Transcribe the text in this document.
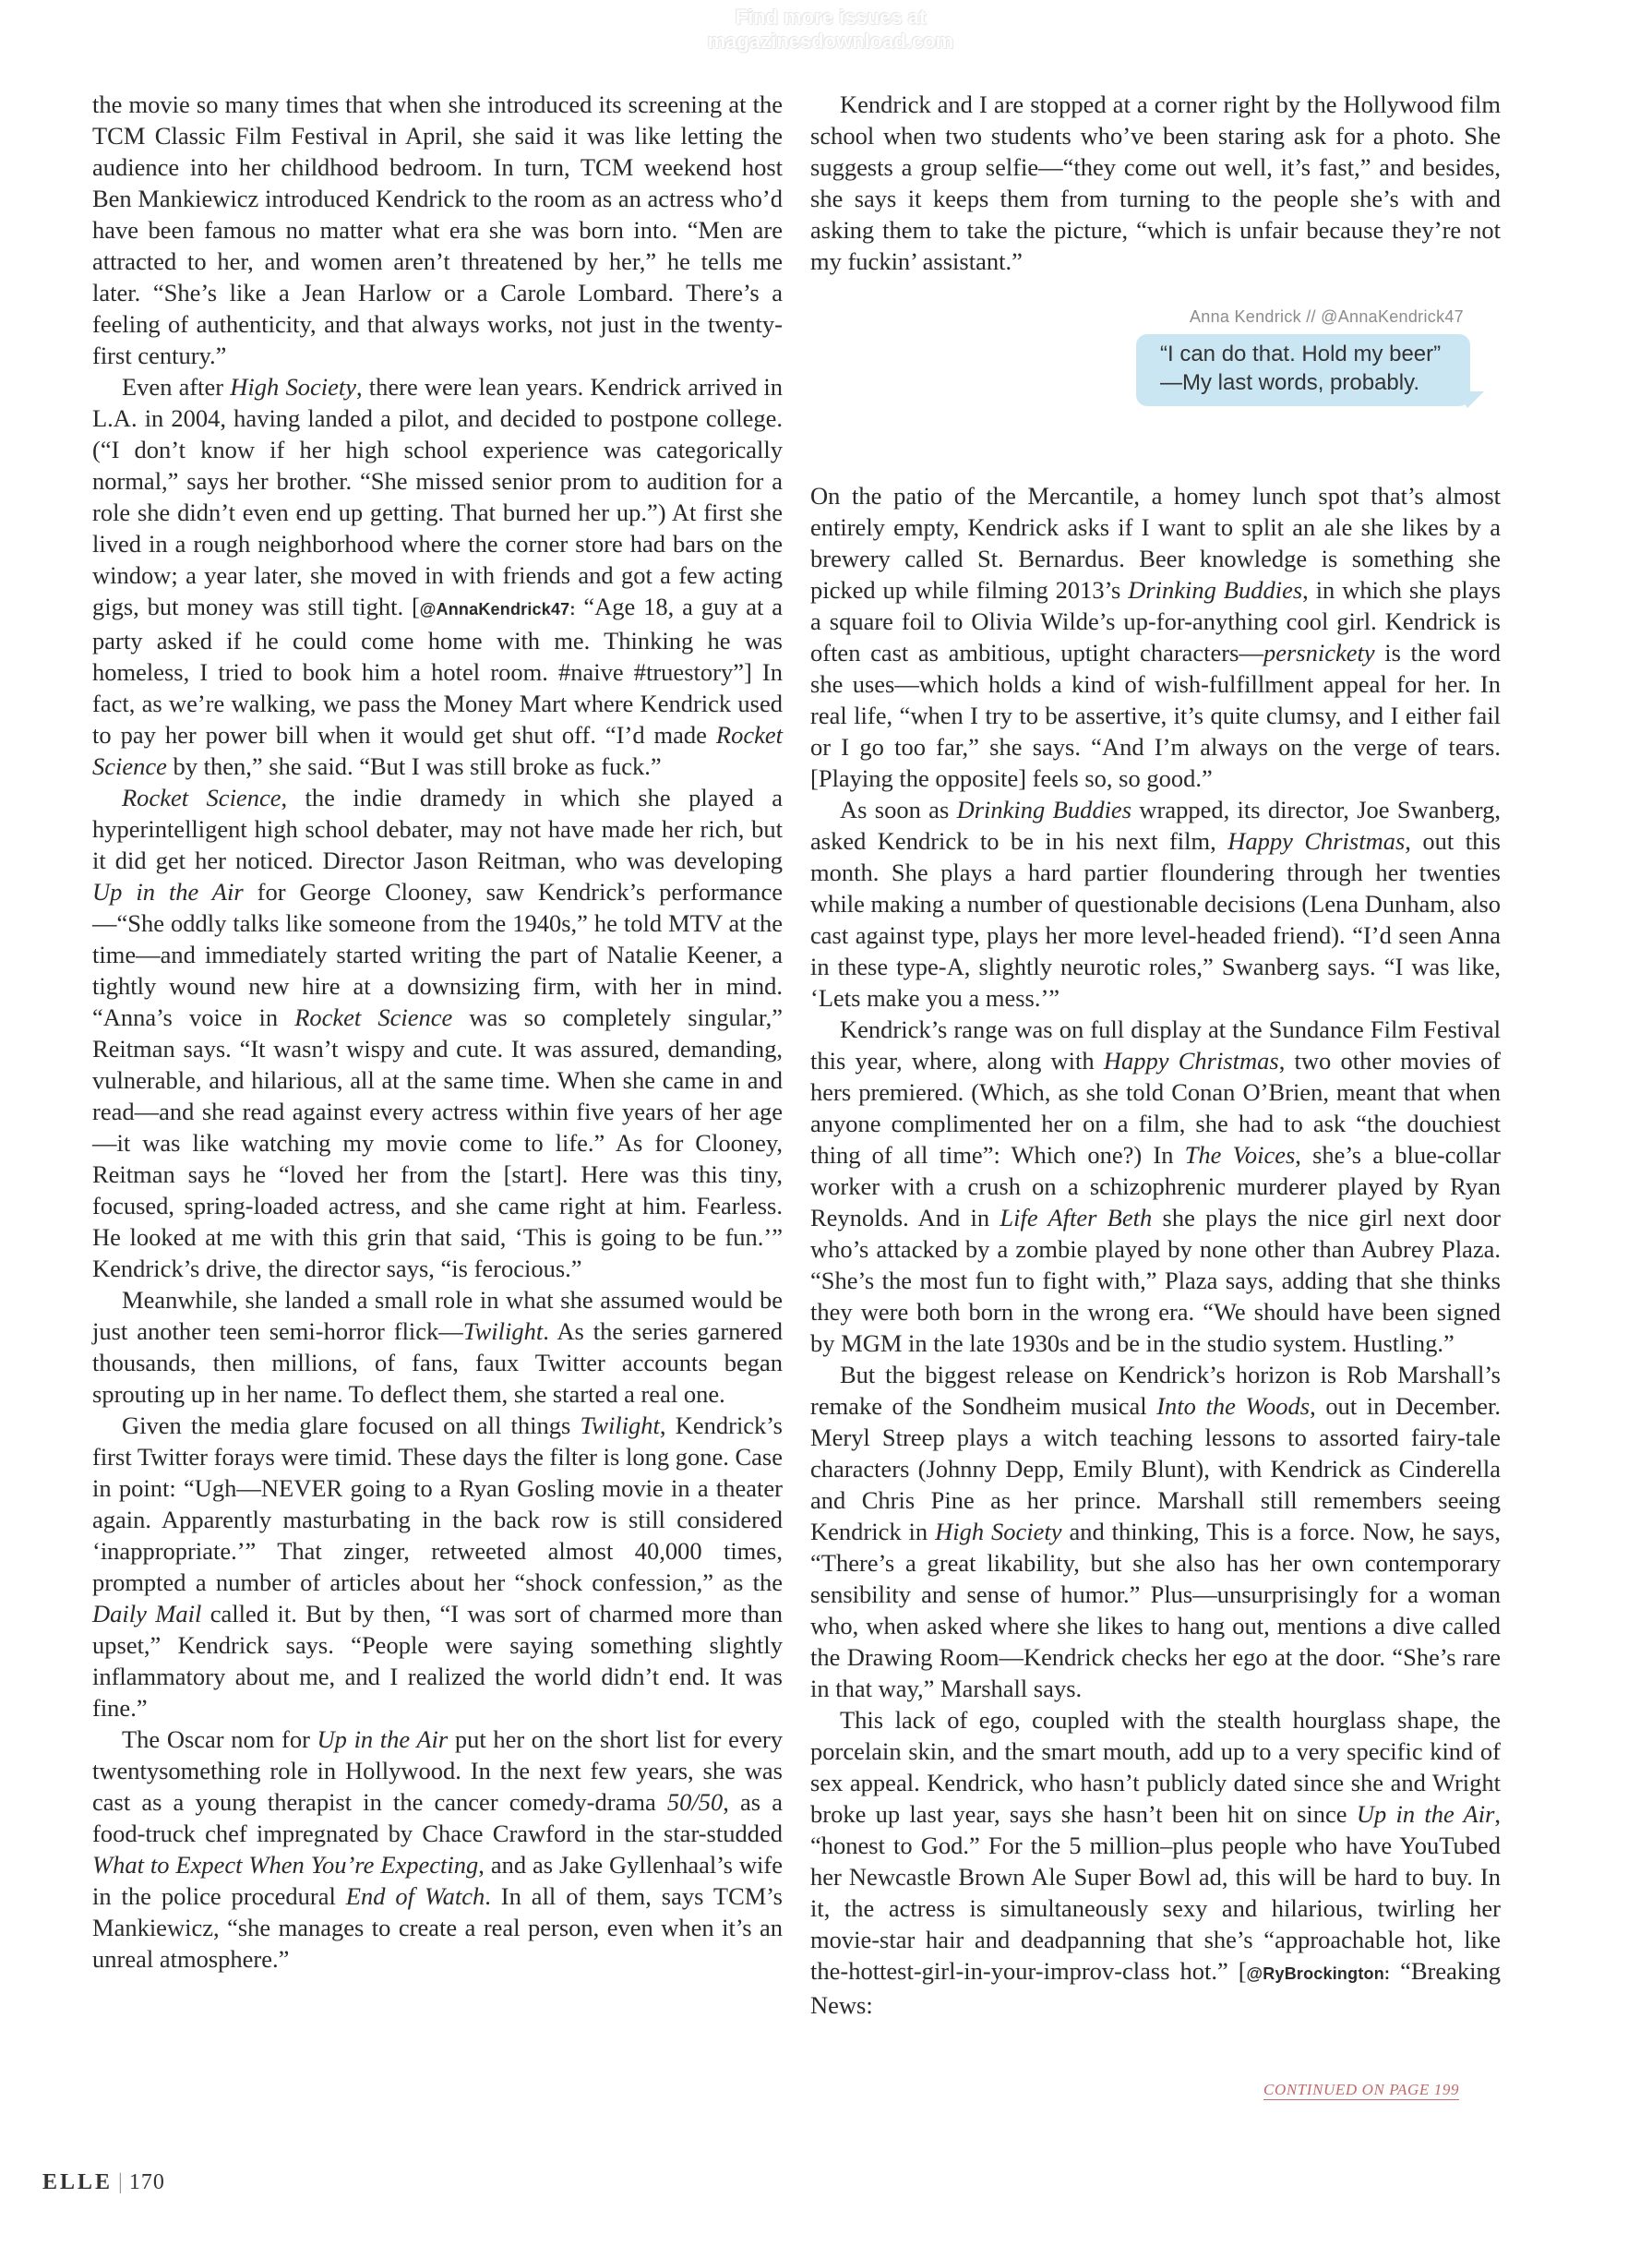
Find more issues at
magazinesdownload.com

the movie so many times that when she introduced its screening at the TCM Classic Film Festival in April, she said it was like letting the audience into her childhood bedroom. In turn, TCM weekend host Ben Mankiewicz introduced Kendrick to the room as an actress who’d have been famous no matter what era she was born into. “Men are attracted to her, and women aren’t threatened by her,” he tells me later. “She’s like a Jean Harlow or a Carole Lombard. There’s a feeling of authenticity, and that always works, not just in the twenty-first century.”

Even after High Society, there were lean years. Kendrick arrived in L.A. in 2004, having landed a pilot, and decided to postpone college. (“I don’t know if her high school experience was categorically normal,” says her brother. “She missed senior prom to audition for a role she didn’t even end up getting. That burned her up.”) At first she lived in a rough neighborhood where the corner store had bars on the window; a year later, she moved in with friends and got a few acting gigs, but money was still tight. [@AnnaKendrick47: “Age 18, a guy at a party asked if he could come home with me. Thinking he was homeless, I tried to book him a hotel room. #naive #truestory”] In fact, as we’re walking, we pass the Money Mart where Kendrick used to pay her power bill when it would get shut off. “I’d made Rocket Science by then,” she said. “But I was still broke as fuck.”

Rocket Science, the indie dramedy in which she played a hyperintelligent high school debater, may not have made her rich, but it did get her noticed. Director Jason Reitman, who was developing Up in the Air for George Clooney, saw Kendrick’s performance—“She oddly talks like someone from the 1940s,” he told MTV at the time—and immediately started writing the part of Natalie Keener, a tightly wound new hire at a downsizing firm, with her in mind. “Anna’s voice in Rocket Science was so completely singular,” Reitman says. “It wasn’t wispy and cute. It was assured, demanding, vulnerable, and hilarious, all at the same time. When she came in and read—and she read against every actress within five years of her age—it was like watching my movie come to life.” As for Clooney, Reitman says he “loved her from the [start]. Here was this tiny, focused, spring-loaded actress, and she came right at him. Fearless. He looked at me with this grin that said, ‘This is going to be fun.’” Kendrick’s drive, the director says, “is ferocious.”

Meanwhile, she landed a small role in what she assumed would be just another teen semi-horror flick—Twilight. As the series garnered thousands, then millions, of fans, faux Twitter accounts began sprouting up in her name. To deflect them, she started a real one.

Given the media glare focused on all things Twilight, Kendrick’s first Twitter forays were timid. These days the filter is long gone. Case in point: “Ugh—NEVER going to a Ryan Gosling movie in a theater again. Apparently masturbating in the back row is still considered ‘inappropriate.’” That zinger, retweeted almost 40,000 times, prompted a number of articles about her “shock confession,” as the Daily Mail called it. But by then, “I was sort of charmed more than upset,” Kendrick says. “People were saying something slightly inflammatory about me, and I realized the world didn’t end. It was fine.”

The Oscar nom for Up in the Air put her on the short list for every twentysomething role in Hollywood. In the next few years, she was cast as a young therapist in the cancer comedy-drama 50/50, as a food-truck chef impregnated by Chace Crawford in the star-studded What to Expect When You’re Expecting, and as Jake Gyllenhaal’s wife in the police procedural End of Watch. In all of them, says TCM’s Mankiewicz, “she manages to create a real person, even when it’s an unreal atmosphere.”

Kendrick and I are stopped at a corner right by the Hollywood film school when two students who’ve been staring ask for a photo. She suggests a group selfie—“they come out well, it’s fast,” and besides, she says it keeps them from turning to the people she’s with and asking them to take the picture, “which is unfair because they’re not my fuckin’ assistant.”

Anna Kendrick // @AnnaKendrick47
“I can do that. Hold my beer”
—My last words, probably.

On the patio of the Mercantile, a homey lunch spot that’s almost entirely empty, Kendrick asks if I want to split an ale she likes by a brewery called St. Bernardus. Beer knowledge is something she picked up while filming 2013’s Drinking Buddies, in which she plays a square foil to Olivia Wilde’s up-for-anything cool girl. Kendrick is often cast as ambitious, uptight characters—persnickety is the word she uses—which holds a kind of wish-fulfillment appeal for her. In real life, “when I try to be assertive, it’s quite clumsy, and I either fail or I go too far,” she says. “And I’m always on the verge of tears. [Playing the opposite] feels so, so good.”

As soon as Drinking Buddies wrapped, its director, Joe Swanberg, asked Kendrick to be in his next film, Happy Christmas, out this month. She plays a hard partier floundering through her twenties while making a number of questionable decisions (Lena Dunham, also cast against type, plays her more level-headed friend). “I’d seen Anna in these type-A, slightly neurotic roles,” Swanberg says. “I was like, ‘Lets make you a mess.’”

Kendrick’s range was on full display at the Sundance Film Festival this year, where, along with Happy Christmas, two other movies of hers premiered. (Which, as she told Conan O’Brien, meant that when anyone complimented her on a film, she had to ask “the douchiest thing of all time”: Which one?) In The Voices, she’s a blue-collar worker with a crush on a schizophrenic murderer played by Ryan Reynolds. And in Life After Beth she plays the nice girl next door who’s attacked by a zombie played by none other than Aubrey Plaza. “She’s the most fun to fight with,” Plaza says, adding that she thinks they were both born in the wrong era. “We should have been signed by MGM in the late 1930s and be in the studio system. Hustling.”

But the biggest release on Kendrick’s horizon is Rob Marshall’s remake of the Sondheim musical Into the Woods, out in December. Meryl Streep plays a witch teaching lessons to assorted fairy-tale characters (Johnny Depp, Emily Blunt), with Kendrick as Cinderella and Chris Pine as her prince. Marshall still remembers seeing Kendrick in High Society and thinking, This is a force. Now, he says, “There’s a great likability, but she also has her own contemporary sensibility and sense of humor.” Plus—unsurprisingly for a woman who, when asked where she likes to hang out, mentions a dive called the Drawing Room—Kendrick checks her ego at the door. “She’s rare in that way,” Marshall says.

This lack of ego, coupled with the stealth hourglass shape, the porcelain skin, and the smart mouth, add up to a very specific kind of sex appeal. Kendrick, who hasn’t publicly dated since she and Wright broke up last year, says she hasn’t been hit on since Up in the Air, “honest to God.” For the 5 million–plus people who have YouTubed her Newcastle Brown Ale Super Bowl ad, this will be hard to buy. In it, the actress is simultaneously sexy and hilarious, twirling her movie-star hair and deadpanning that she’s “approachable hot, like the-hottest-girl-in-your-improv-class hot.” [@RyBrockington: “Breaking News:

CONTINUED ON PAGE 199
ELLE | 170
